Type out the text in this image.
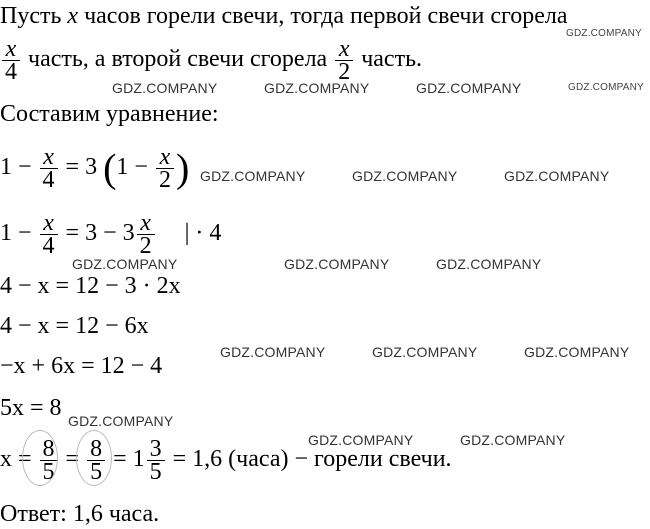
Пусть x часов горели свечи, тогда первой свечи сгорела
$\frac{x}{4}$ часть, а второй свечи сгорела $\frac{x}{2}$ часть.
Составим уравнение:
$1 - \frac{x}{4} = 3$ ($1 - \frac{x}{2}$ )
$1 - \frac{x}{4} = 3 - 3 \frac{x}{2}$ | · 4
4 − x = 12 − 3 · 2x
4 − x = 12 − 6x
−x + 6x = 12 − 4
5x = 8
$x = \frac{8}{5} = \frac{8}{5} = 1 \frac{3}{5} = 1,6$ (часа) − горели свечи.
Ответ: 1,6 часа.
GDZ.COMPANY
GDZ.COMPANY	GDZ.COMPANY	GDZ.COMPANY	GDZ.COMPANY
GDZ.COMPANY	GDZ.COMPANY	GDZ.COMPANY
GDZ.COMPANY	GDZ.COMPANY	GDZ.COMPANY
GDZ.COMPANY	GDZ.COMPANY	GDZ.COMPANY
GDZ.COMPANY
GDZ.COMPANY	GDZ.COMPANY
